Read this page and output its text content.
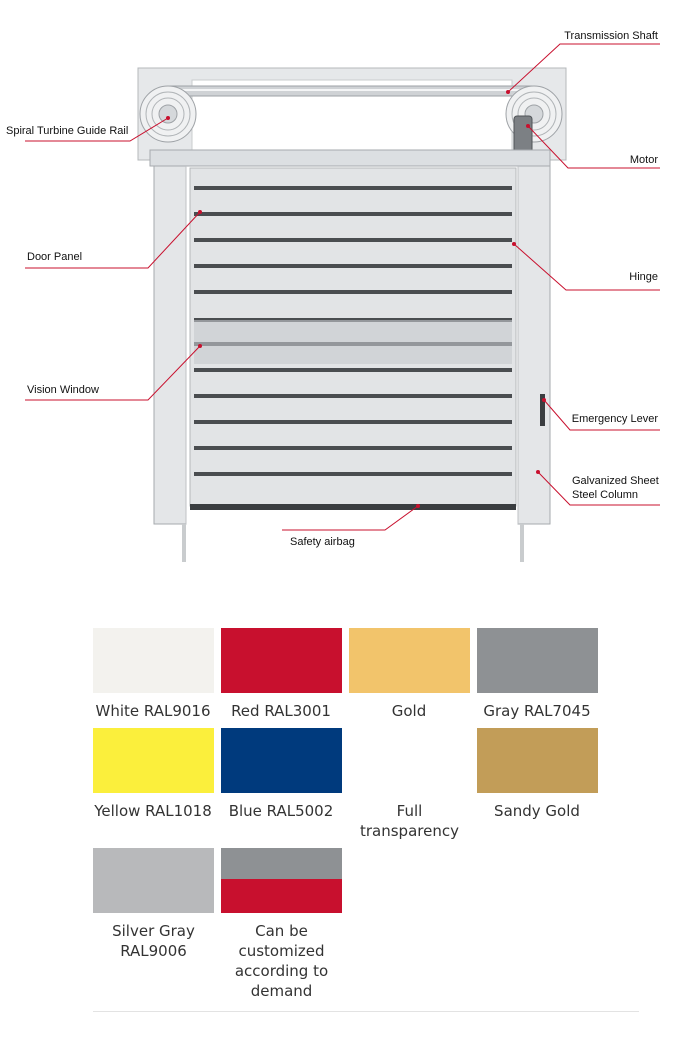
Transmission Shaft
Spiral Turbine Guide Rail
Motor
Door Panel
Hinge
Vision Window
Emergency Lever
Galvanized Sheet
Steel Column
Safety airbag
White RAL9016	Red RAL3001	Gold	Gray RAL7045
Yellow RAL1018	Blue RAL5002	Full transparency
Sandy Gold
Silver Gray RAL9006
Can be customized according to demand
